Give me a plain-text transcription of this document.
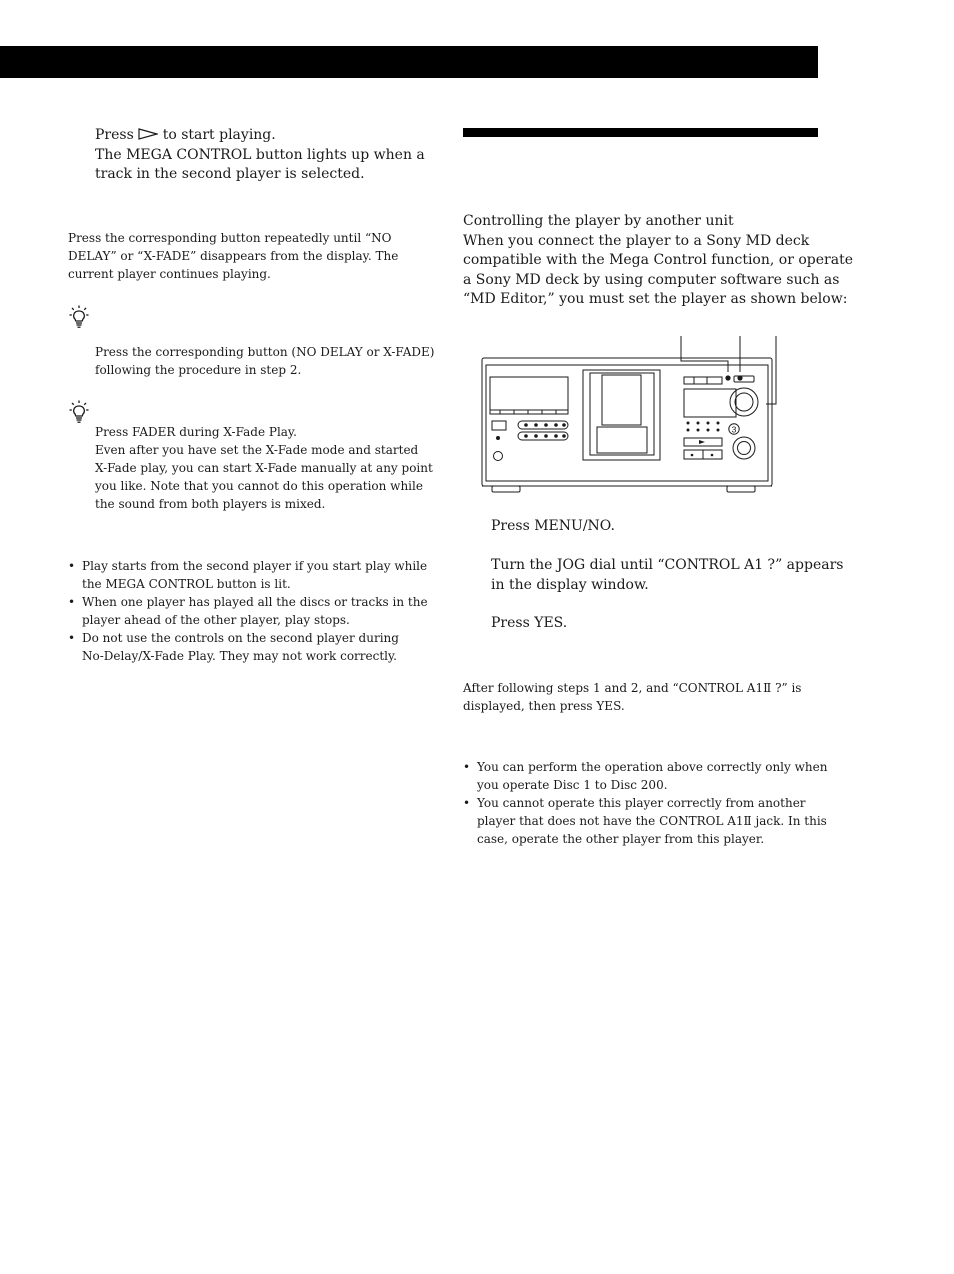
Press to start playing.
The MEGA CONTROL button lights up when a
track in the second player is selected.
Press the corresponding button repeatedly until “NO
DELAY” or “X-FADE” disappears from the display. The
current player continues playing.
Press the corresponding button (NO DELAY or X-FADE)
following the procedure in step 2.
Press FADER during X-Fade Play.
Even after you have set the X-Fade mode and started
X-Fade play, you can start X-Fade manually at any point
you like. Note that you cannot do this operation while
the sound from both players is mixed.
• Play starts from the second player if you start play while
the MEGA CONTROL button is lit.
• When one player has played all the discs or tracks in the
player ahead of the other player, play stops.
• Do not use the controls on the second player during
No-Delay/X-Fade Play. They may not work correctly.
Controlling the player by another unit
When you connect the player to a Sony MD deck
compatible with the Mega Control function, or operate
a Sony MD deck by using computer software such as
“MD Editor,” you must set the player as shown below:
3
Press MENU/NO.
Turn the JOG dial until “CONTROL A1 ?” appears
in the display window.
Press YES.
After following steps 1 and 2, and “CONTROL A1Ⅱ ?” is
displayed, then press YES.
• You can perform the operation above correctly only when
you operate Disc 1 to Disc 200.
• You cannot operate this player correctly from another
player that does not have the CONTROL A1Ⅱ jack. In this
case, operate the other player from this player.
